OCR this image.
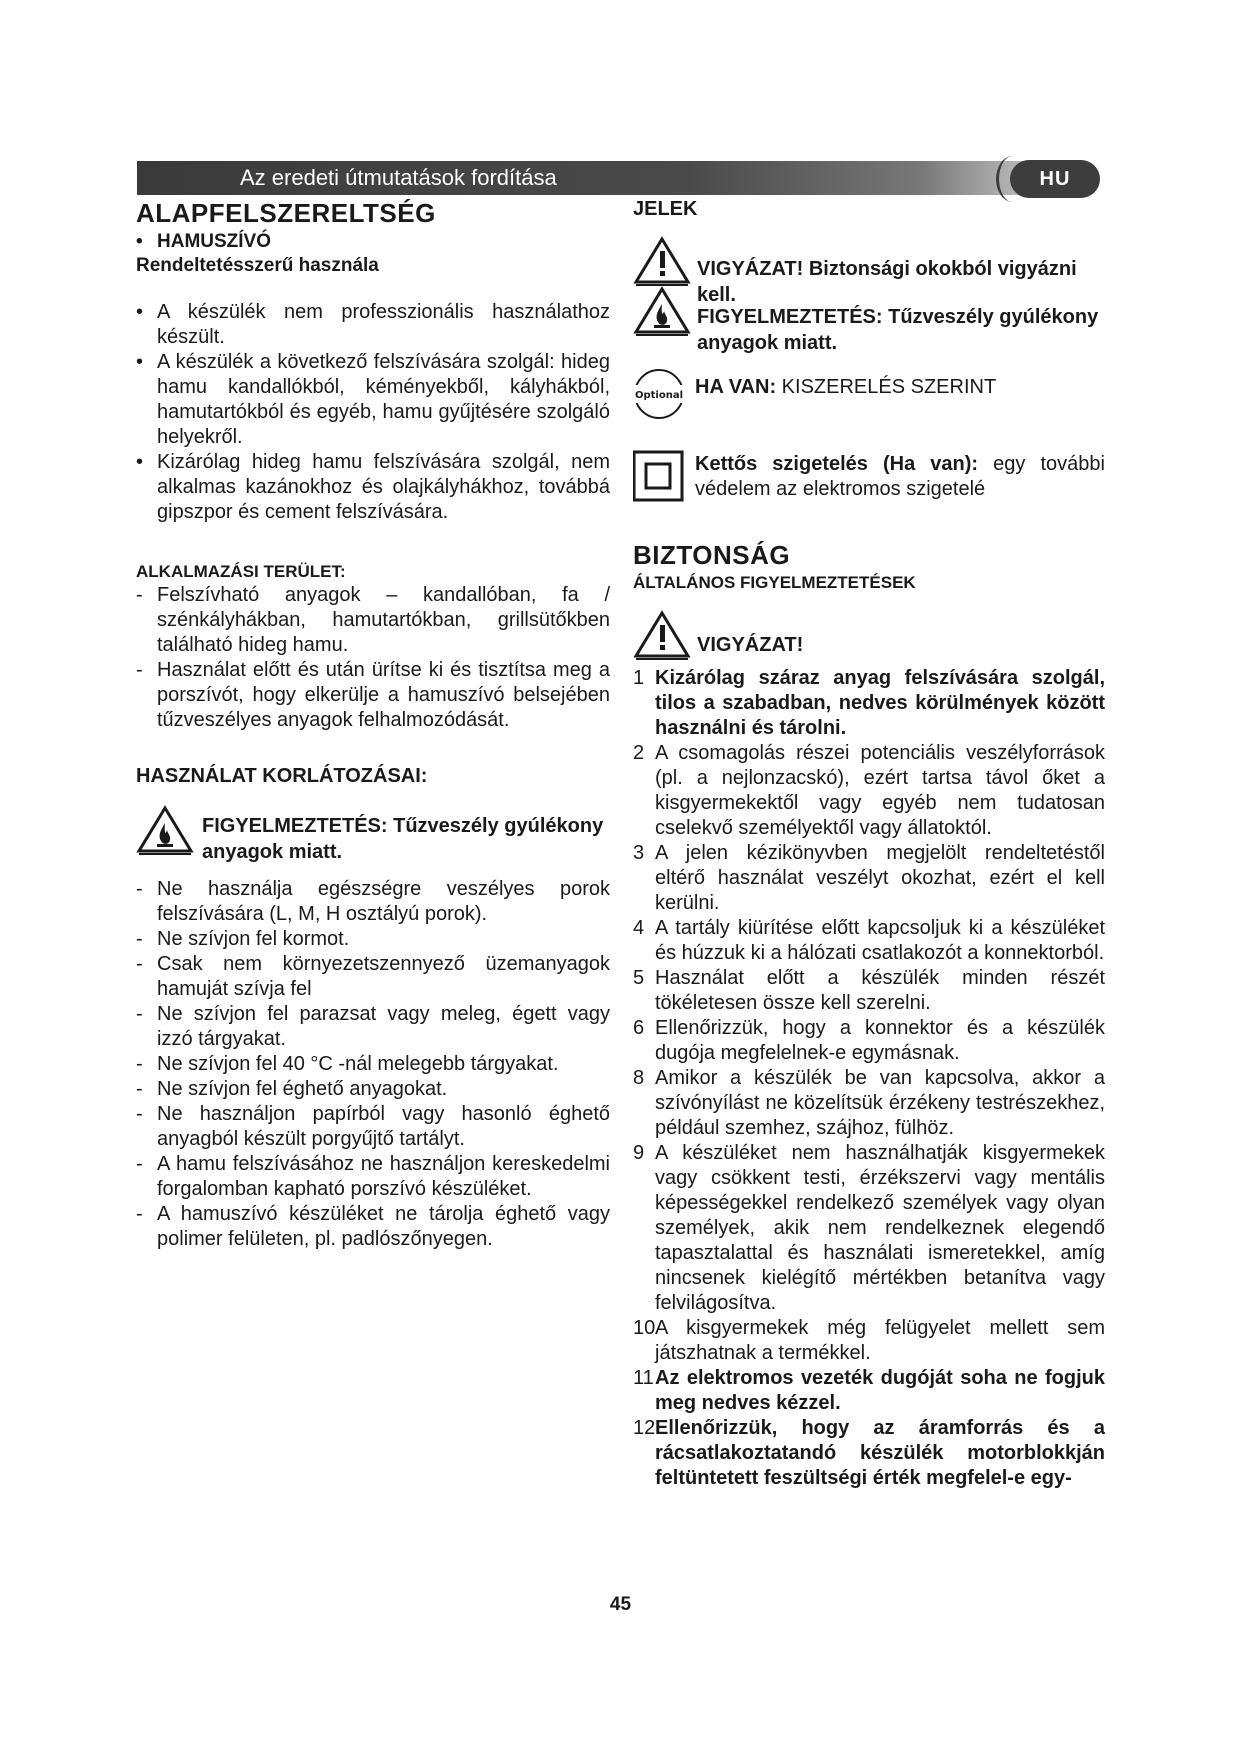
Az eredeti útmutatások fordítása	HU
ALAPFELSZERELTSÉG
• HAMUSZÍVÓ

Rendeltetésszerű használa

• A készülék nem professzionális használathoz készült.
• A készülék a következő felszívására szolgál: hideg hamu kandallókból, kéményekből, kályhákból, hamutartókból és egyéb, hamu gyűjtésére szolgáló helyekről.
• Kizárólag hideg hamu felszívására szolgál, nem alkalmas kazánokhoz és olajkályhákhoz, továbbá gipszpor és cement felszívására.

ALKALMAZÁSI TERÜLET:

- Felszívható anyagok – kandallóban, fa / szénkályhákban, hamutartókban, grillsütőkben található hideg hamu.
- Használat előtt és után ürítse ki és tisztítsa meg a porszívót, hogy elkerülje a hamuszívó belsejében tűzveszélyes anyagok felhalmozódását.

HASZNÁLAT KORLÁTOZÁSAI:

FIGYELMEZTETÉS: Tűzveszély gyúlékony anyagok miatt.
- Ne használja egészségre veszélyes porok felszívására (L, M, H osztályú porok).
- Ne szívjon fel kormot.
- Csak nem környezetszennyező üzemanyagok hamuját szívja fel
- Ne szívjon fel parazsat vagy meleg, égett vagy izzó tárgyakat.
- Ne szívjon fel 40 °C -nál melegebb tárgyakat.
- Ne szívjon fel éghető anyagokat.
- Ne használjon papírból vagy hasonló éghető anyagból készült porgyűjtő tartályt.
- A hamu felszívásához ne használjon kereskedelmi forgalomban kapható porszívó készüléket.
- A hamuszívó készüléket ne tárolja éghető vagy polimer felületen, pl. padlószőnyegen.

JELEK

VIGYÁZAT! Biztonsági okokból vigyázni kell.
FIGYELMEZTETÉS: Tűzveszély gyúlékony anyagok miatt.
Optional HA VAN: KISZERELÉS SZERINT
Kettős szigetelés (Ha van): egy további védelem az elektromos szigetelé
BIZTONSÁG

ÁLTALÁNOS FIGYELMEZTETÉSEK

VIGYÁZAT!
1 Kizárólag száraz anyag felszívására szolgál, tilos a szabadban, nedves körülmények között használni és tárolni.
2 A csomagolás részei potenciális veszélyforrások (pl. a nejlonzacskó), ezért tartsa távol őket a kisgyermekektől vagy egyéb nem tudatosan cselekvő személyektől vagy állatoktól.
3 A jelen kézikönyvben megjelölt rendeltetéstől eltérő használat veszélyt okozhat, ezért el kell kerülni.
4 A tartály kiürítése előtt kapcsoljuk ki a készüléket és húzzuk ki a hálózati csatlakozót a konnektorból.
5 Használat előtt a készülék minden részét tökéletesen össze kell szerelni.
6 Ellenőrizzük, hogy a konnektor és a készülék dugója megfelelnek-e egymásnak.
8 Amikor a készülék be van kapcsolva, akkor a szívónyílást ne közelítsük érzékeny testrészekhez, például szemhez, szájhoz, fülhöz.
9 A készüléket nem használhatják kisgyermekek vagy csökkent testi, érzékszervi vagy mentális képességekkel rendelkező személyek vagy olyan személyek, akik nem rendelkeznek elegendő tapasztalattal és használati ismeretekkel, amíg nincsenek kielégítő mértékben betanítva vagy felvilágosítva.
10 A kisgyermekek még felügyelet mellett sem játszhatnak a termékkel.
11 Az elektromos vezeték dugóját soha ne fogjuk meg nedves kézzel.
12 Ellenőrizzük, hogy az áramforrás és a rácsatlakoztatandó készülék motorblokkján feltüntetett feszültségi érték megfelel-e egy-
45
